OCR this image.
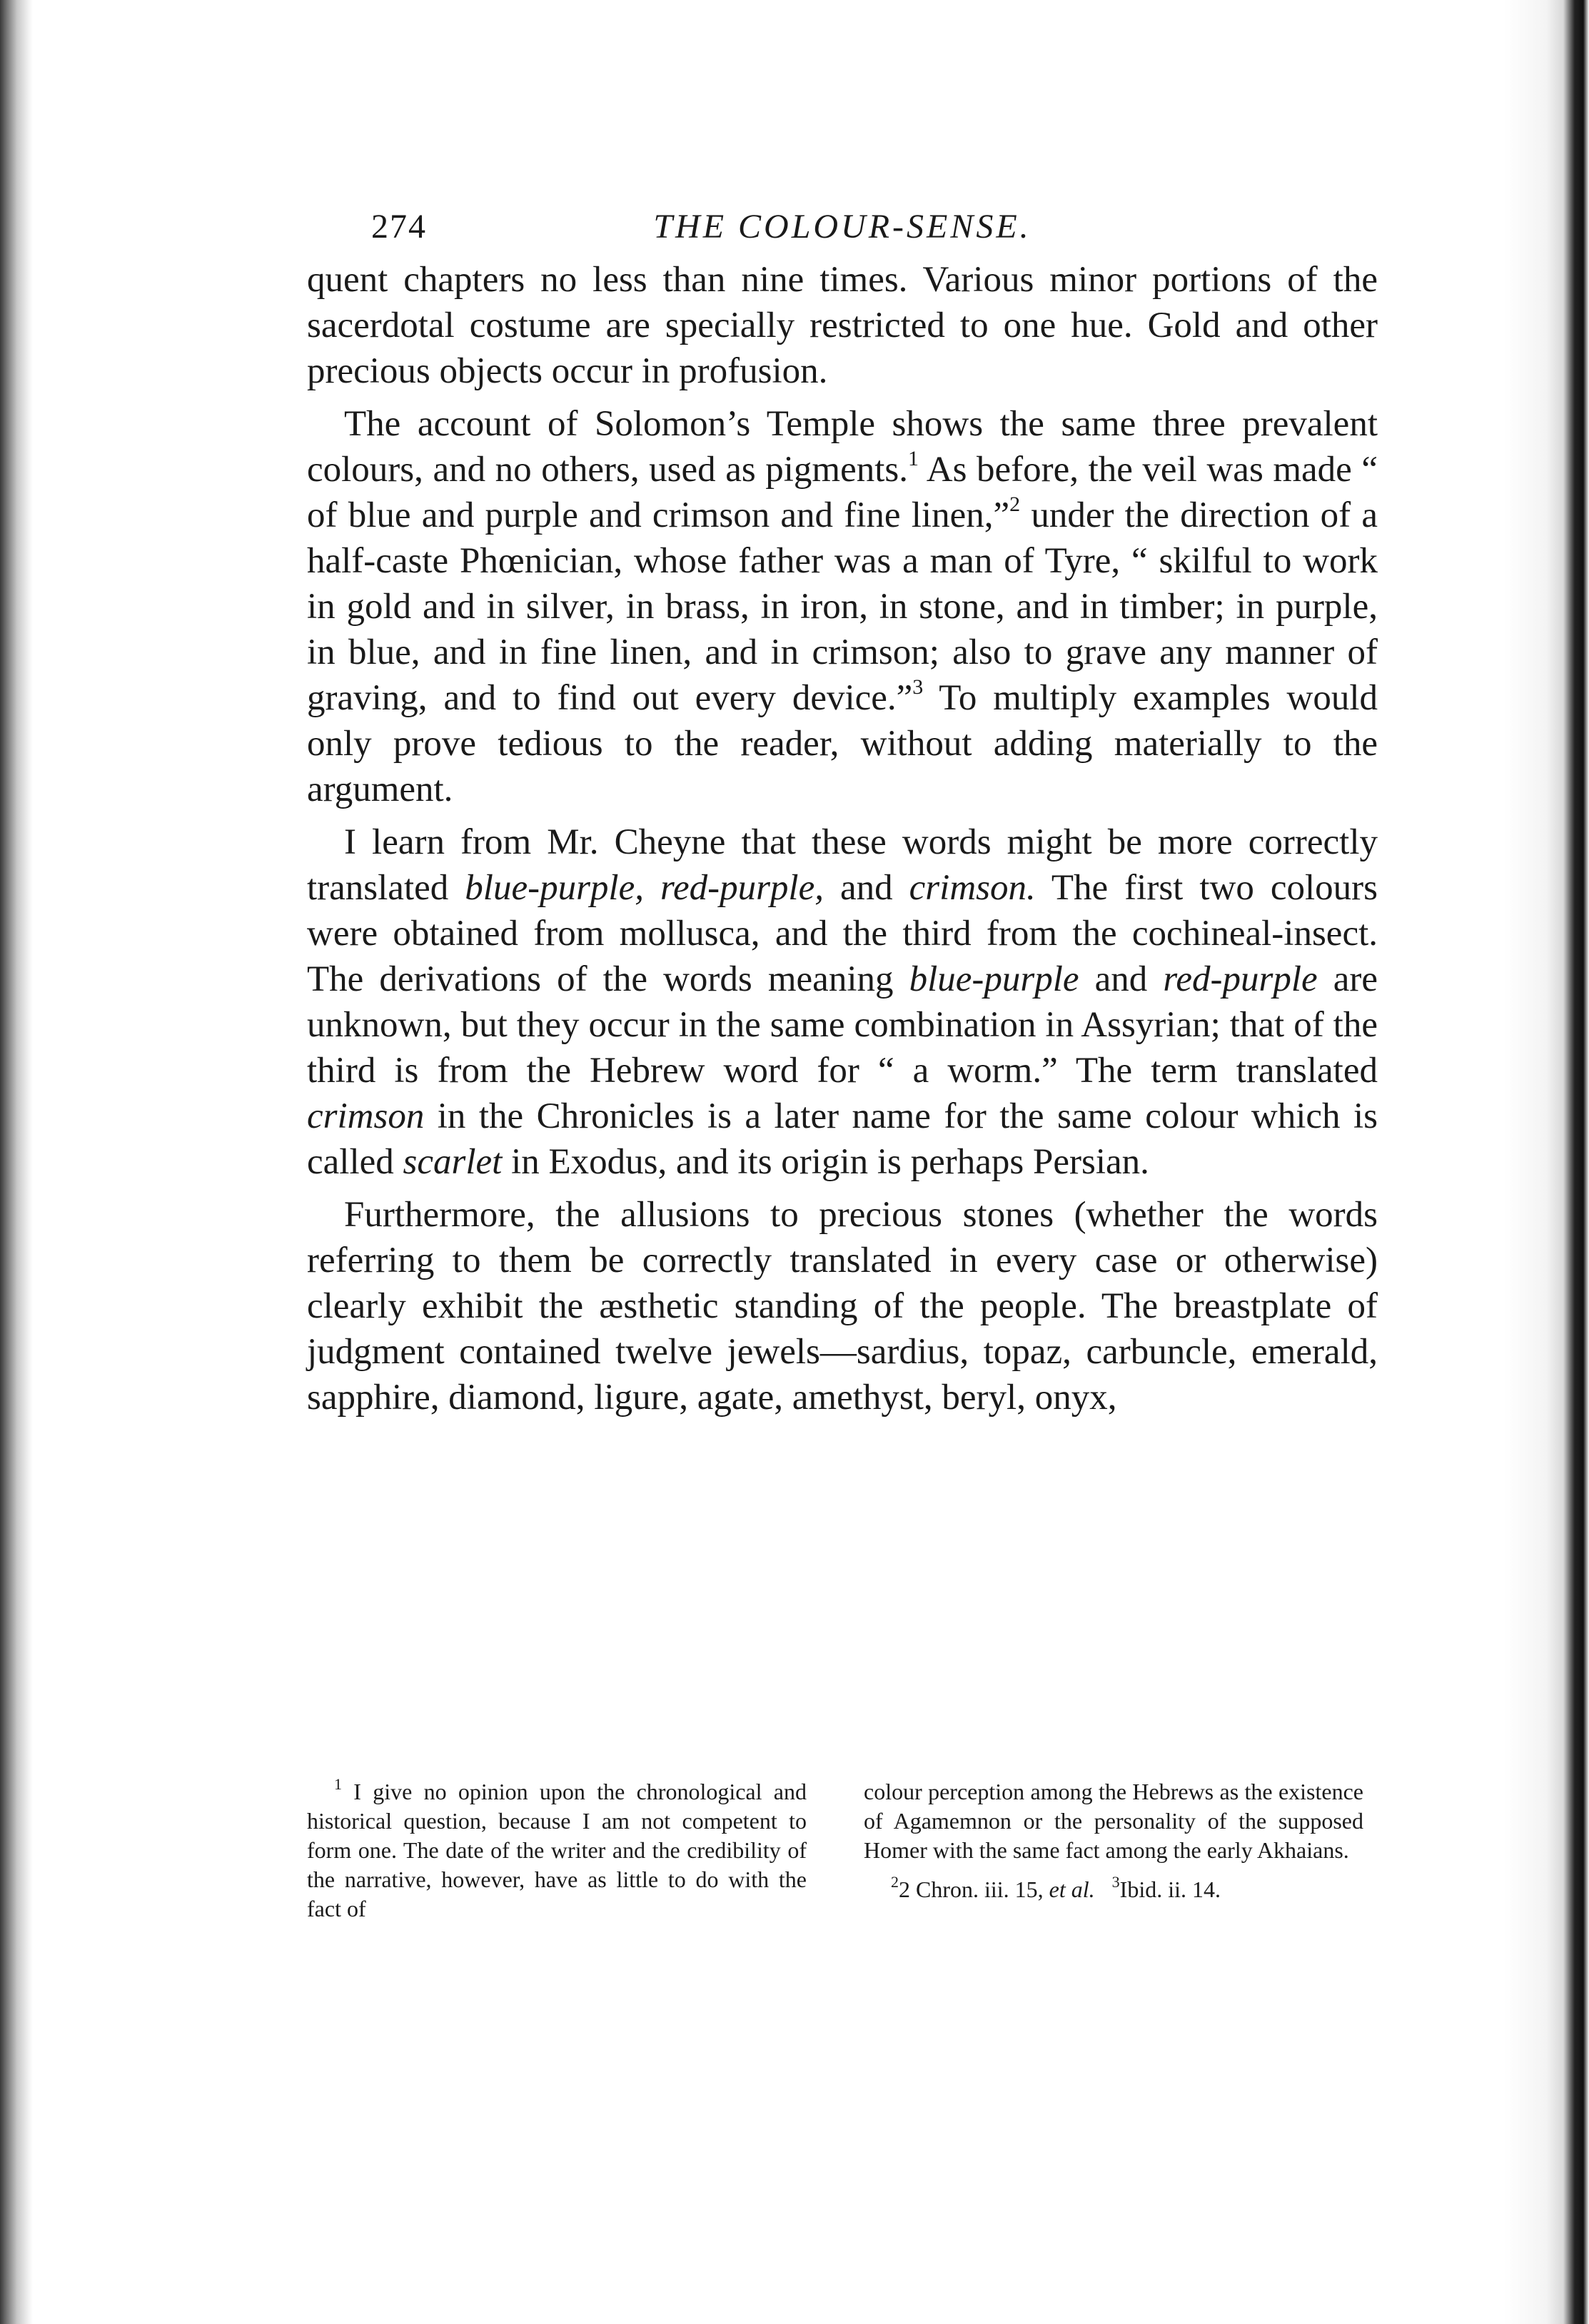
274	THE COLOUR-SENSE.

quent chapters no less than nine times. Various minor portions of the sacerdotal costume are specially restricted to one hue. Gold and other precious objects occur in profusion.

The account of Solomon’s Temple shows the same three prevalent colours, and no others, used as pigments.$^1$ As before, the veil was made “ of blue and purple and crimson and fine linen,”$^2$ under the direction of a half-caste Phœnician, whose father was a man of Tyre, “ skilful to work in gold and in silver, in brass, in iron, in stone, and in timber; in purple, in blue, and in fine linen, and in crimson; also to grave any manner of graving, and to find out every device.”$^3$ To multiply examples would only prove tedious to the reader, without adding materially to the argument.

I learn from Mr. Cheyne that these words might be more correctly translated blue-purple, red-purple, and crimson. The first two colours were obtained from mollusca, and the third from the cochineal-insect. The derivations of the words meaning blue-purple and red-purple are unknown, but they occur in the same combination in Assyrian; that of the third is from the Hebrew word for “ a worm.” The term translated crimson in the Chronicles is a later name for the same colour which is called scarlet in Exodus, and its origin is perhaps Persian.

Furthermore, the allusions to precious stones (whether the words referring to them be correctly translated in every case or otherwise) clearly exhibit the æsthetic standing of the people. The breastplate of judgment contained twelve jewels—sardius, topaz, carbuncle, emerald, sapphire, diamond, ligure, agate, amethyst, beryl, onyx,

$^1$ I give no opinion upon the chronological and historical question, because I am not competent to form one. The date of the writer and the credibility of the narrative, however, have as little to do with the fact of

colour perception among the Hebrews as the existence of Agamemnon or the personality of the supposed Homer with the same fact among the early Akhaians.

$^2$2 Chron. iii. 15, et al. $^3$Ibid. ii. 14.
